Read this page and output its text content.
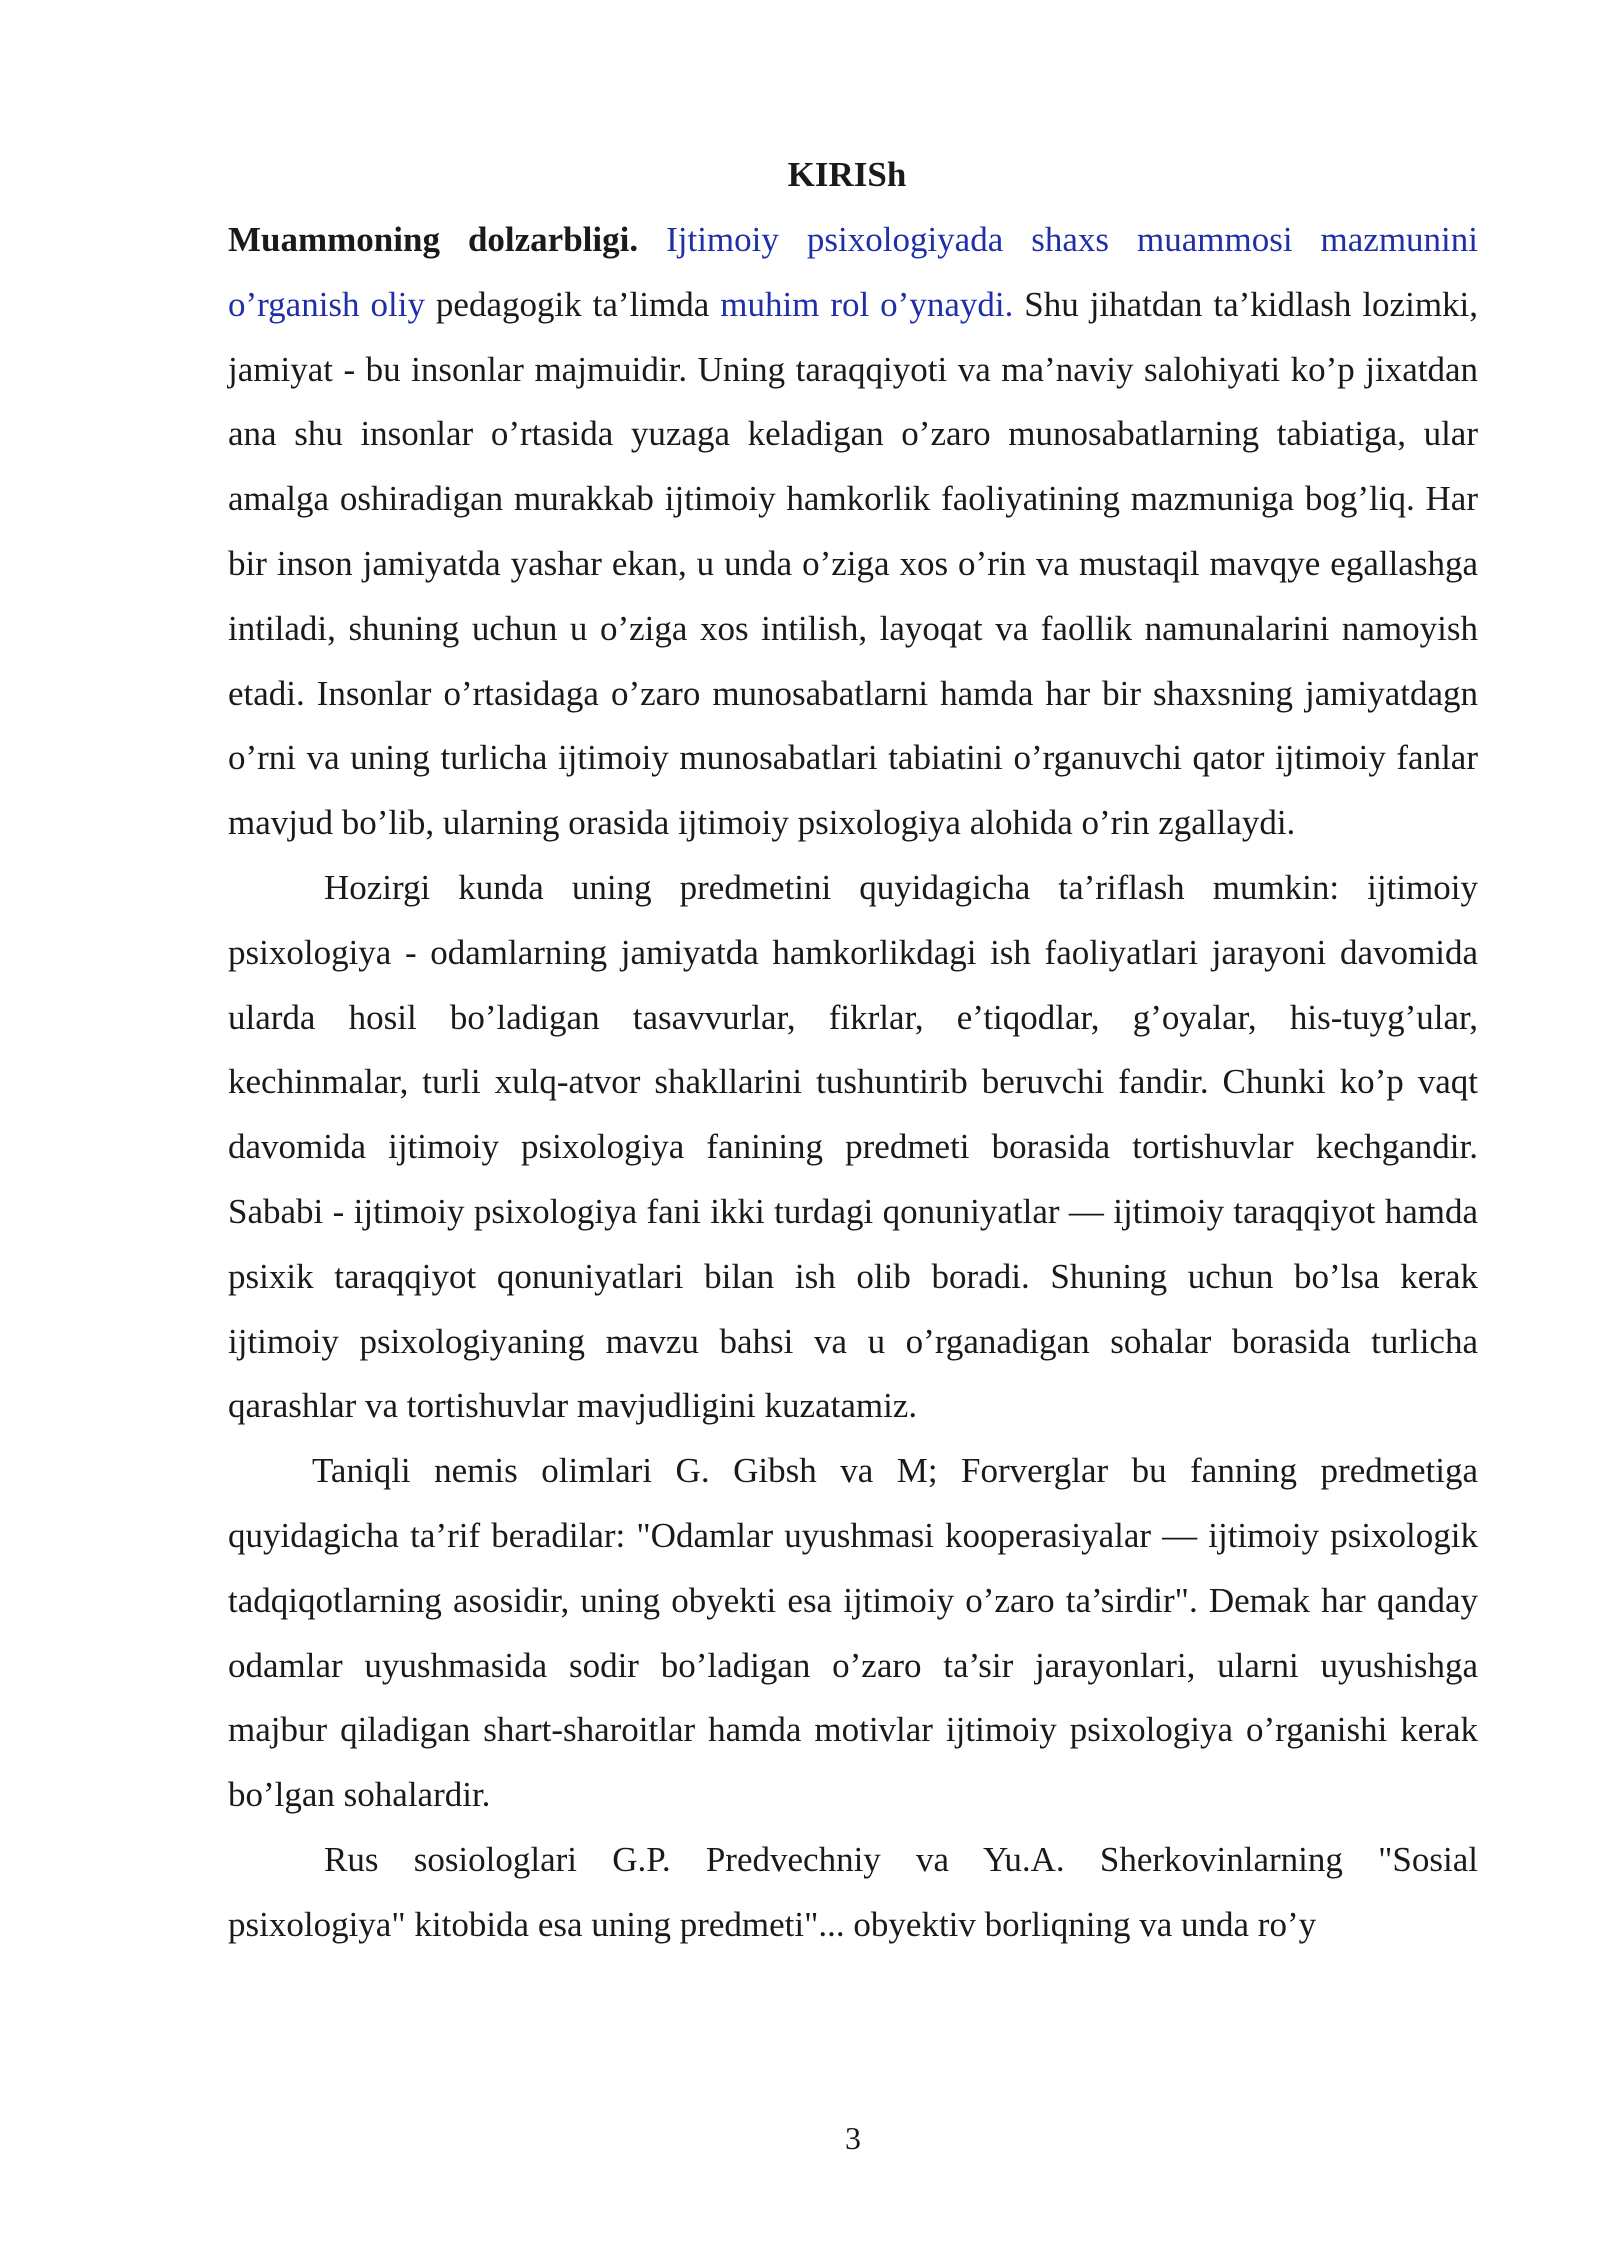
KIRISh

Muammoning dolzarbligi. Ijtimoiy psixologiyada shaxs muammosi mazmunini o’rganish oliy pedagogik ta’limda muhim rol o’ynaydi. Shu jihatdan ta’kidlash lozimki, jamiyat - bu insonlar majmuidir. Uning taraqqiyoti va ma’naviy salohiyati ko’p jixatdan ana shu insonlar o’rtasida yuzaga keladigan o’zaro munosabatlarning tabiatiga, ular amalga oshiradigan murakkab ijtimoiy hamkorlik faoliyatining mazmuniga bog’liq. Har bir inson jamiyatda yashar ekan, u unda o’ziga xos o’rin va mustaqil mavqye egallashga intiladi, shuning uchun u o’ziga xos intilish, layoqat va faollik namunalarini namoyish etadi. Insonlar o’rtasidaga o’zaro munosabatlarni hamda har bir shaxsning jamiyatdagn o’rni va uning turlicha ijtimoiy munosabatlari tabiatini o’rganuvchi qator ijtimoiy fanlar mavjud bo’lib, ularning orasida ijtimoiy psixologiya alohida o’rin zgallaydi.

Hozirgi kunda uning predmetini quyidagicha ta’riflash mumkin: ijtimoiy psixologiya - odamlarning jamiyatda hamkorlikdagi ish faoliyatlari jarayoni davomida ularda hosil bo’ladigan tasavvurlar, fikrlar, e’tiqodlar, g’oyalar, his-tuyg’ular, kechinmalar, turli xulq-atvor shakllarini tushuntirib beruvchi fandir. Chunki ko’p vaqt davomida ijtimoiy psixologiya fanining predmeti borasida tortishuvlar kechgandir. Sababi - ijtimoiy psixologiya fani ikki turdagi qonuniyatlar — ijtimoiy taraqqiyot hamda psixik taraqqiyot qonuniyatlari bilan ish olib boradi. Shuning uchun bo’lsa kerak ijtimoiy psixologiyaning mavzu bahsi va u o’rganadigan sohalar borasida turlicha qarashlar va tortishuvlar mavjudligini kuzatamiz.

Taniqli nemis olimlari G. Gibsh va M; Forverglar bu fanning predmetiga quyidagicha ta’rif beradilar: "Odamlar uyushmasi kooperasiyalar — ijtimoiy psixologik tadqiqotlarning asosidir, uning obyekti esa ijtimoiy o’zaro ta’sirdir". Demak har qanday odamlar uyushmasida sodir bo’ladigan o’zaro ta’sir jarayonlari, ularni uyushishga majbur qiladigan shart-sharoitlar hamda motivlar ijtimoiy psixologiya o’rganishi kerak bo’lgan sohalardir.

Rus sosiologlari G.P. Predvechniy va Yu.A. Sherkovinlarning "Sosial psixologiya" kitobida esa uning predmeti"... obyektiv borliqning va unda ro’y

3
